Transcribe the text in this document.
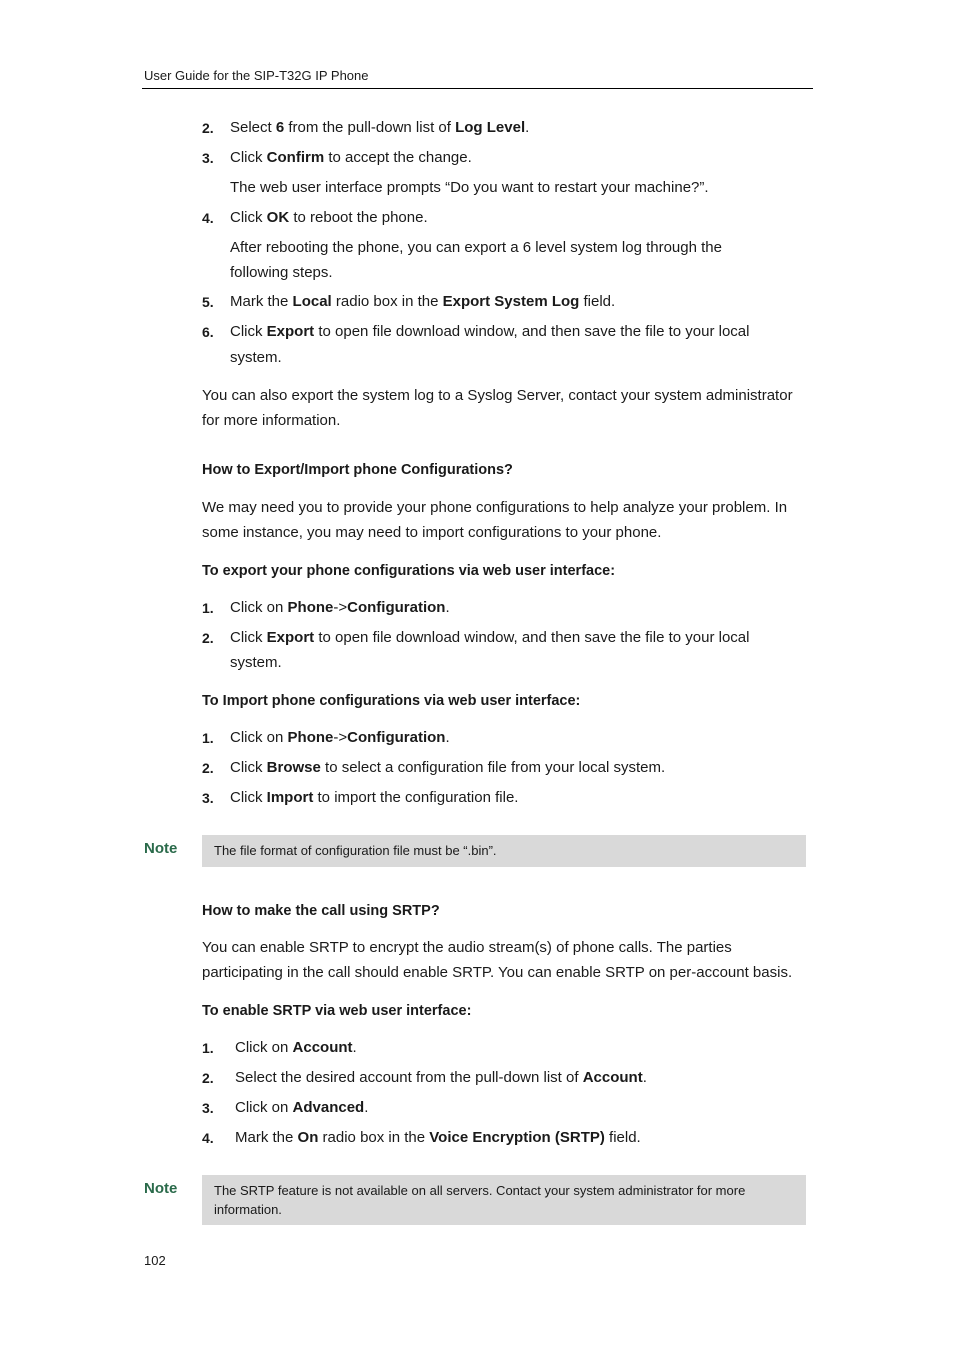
User Guide for the SIP-T32G IP Phone
2. Select 6 from the pull-down list of Log Level.
3. Click Confirm to accept the change.
The web user interface prompts “Do you want to restart your machine?”.
4. Click OK to reboot the phone.
After rebooting the phone, you can export a 6 level system log through the
following steps.
5. Mark the Local radio box in the Export System Log field.
6. Click Export to open file download window, and then save the file to your local
system.
You can also export the system log to a Syslog Server, contact your system administrator for more information.
How to Export/Import phone Configurations?
We may need you to provide your phone configurations to help analyze your problem. In some instance, you may need to import configurations to your phone.
To export your phone configurations via web user interface:
1. Click on Phone->Configuration.
2. Click Export to open file download window, and then save the file to your local
system.
To Import phone configurations via web user interface:
1. Click on Phone->Configuration.
2. Click Browse to select a configuration file from your local system.
3. Click Import to import the configuration file.
Note	The file format of configuration file must be “.bin”.
How to make the call using SRTP?
You can enable SRTP to encrypt the audio stream(s) of phone calls. The parties participating in the call should enable SRTP. You can enable SRTP on per-account basis.
To enable SRTP via web user interface:
1. Click on Account.
2. Select the desired account from the pull-down list of Account.
3. Click on Advanced.
4. Mark the On radio box in the Voice Encryption (SRTP) field.
Note	The SRTP feature is not available on all servers. Contact your system administrator for more information.
102
